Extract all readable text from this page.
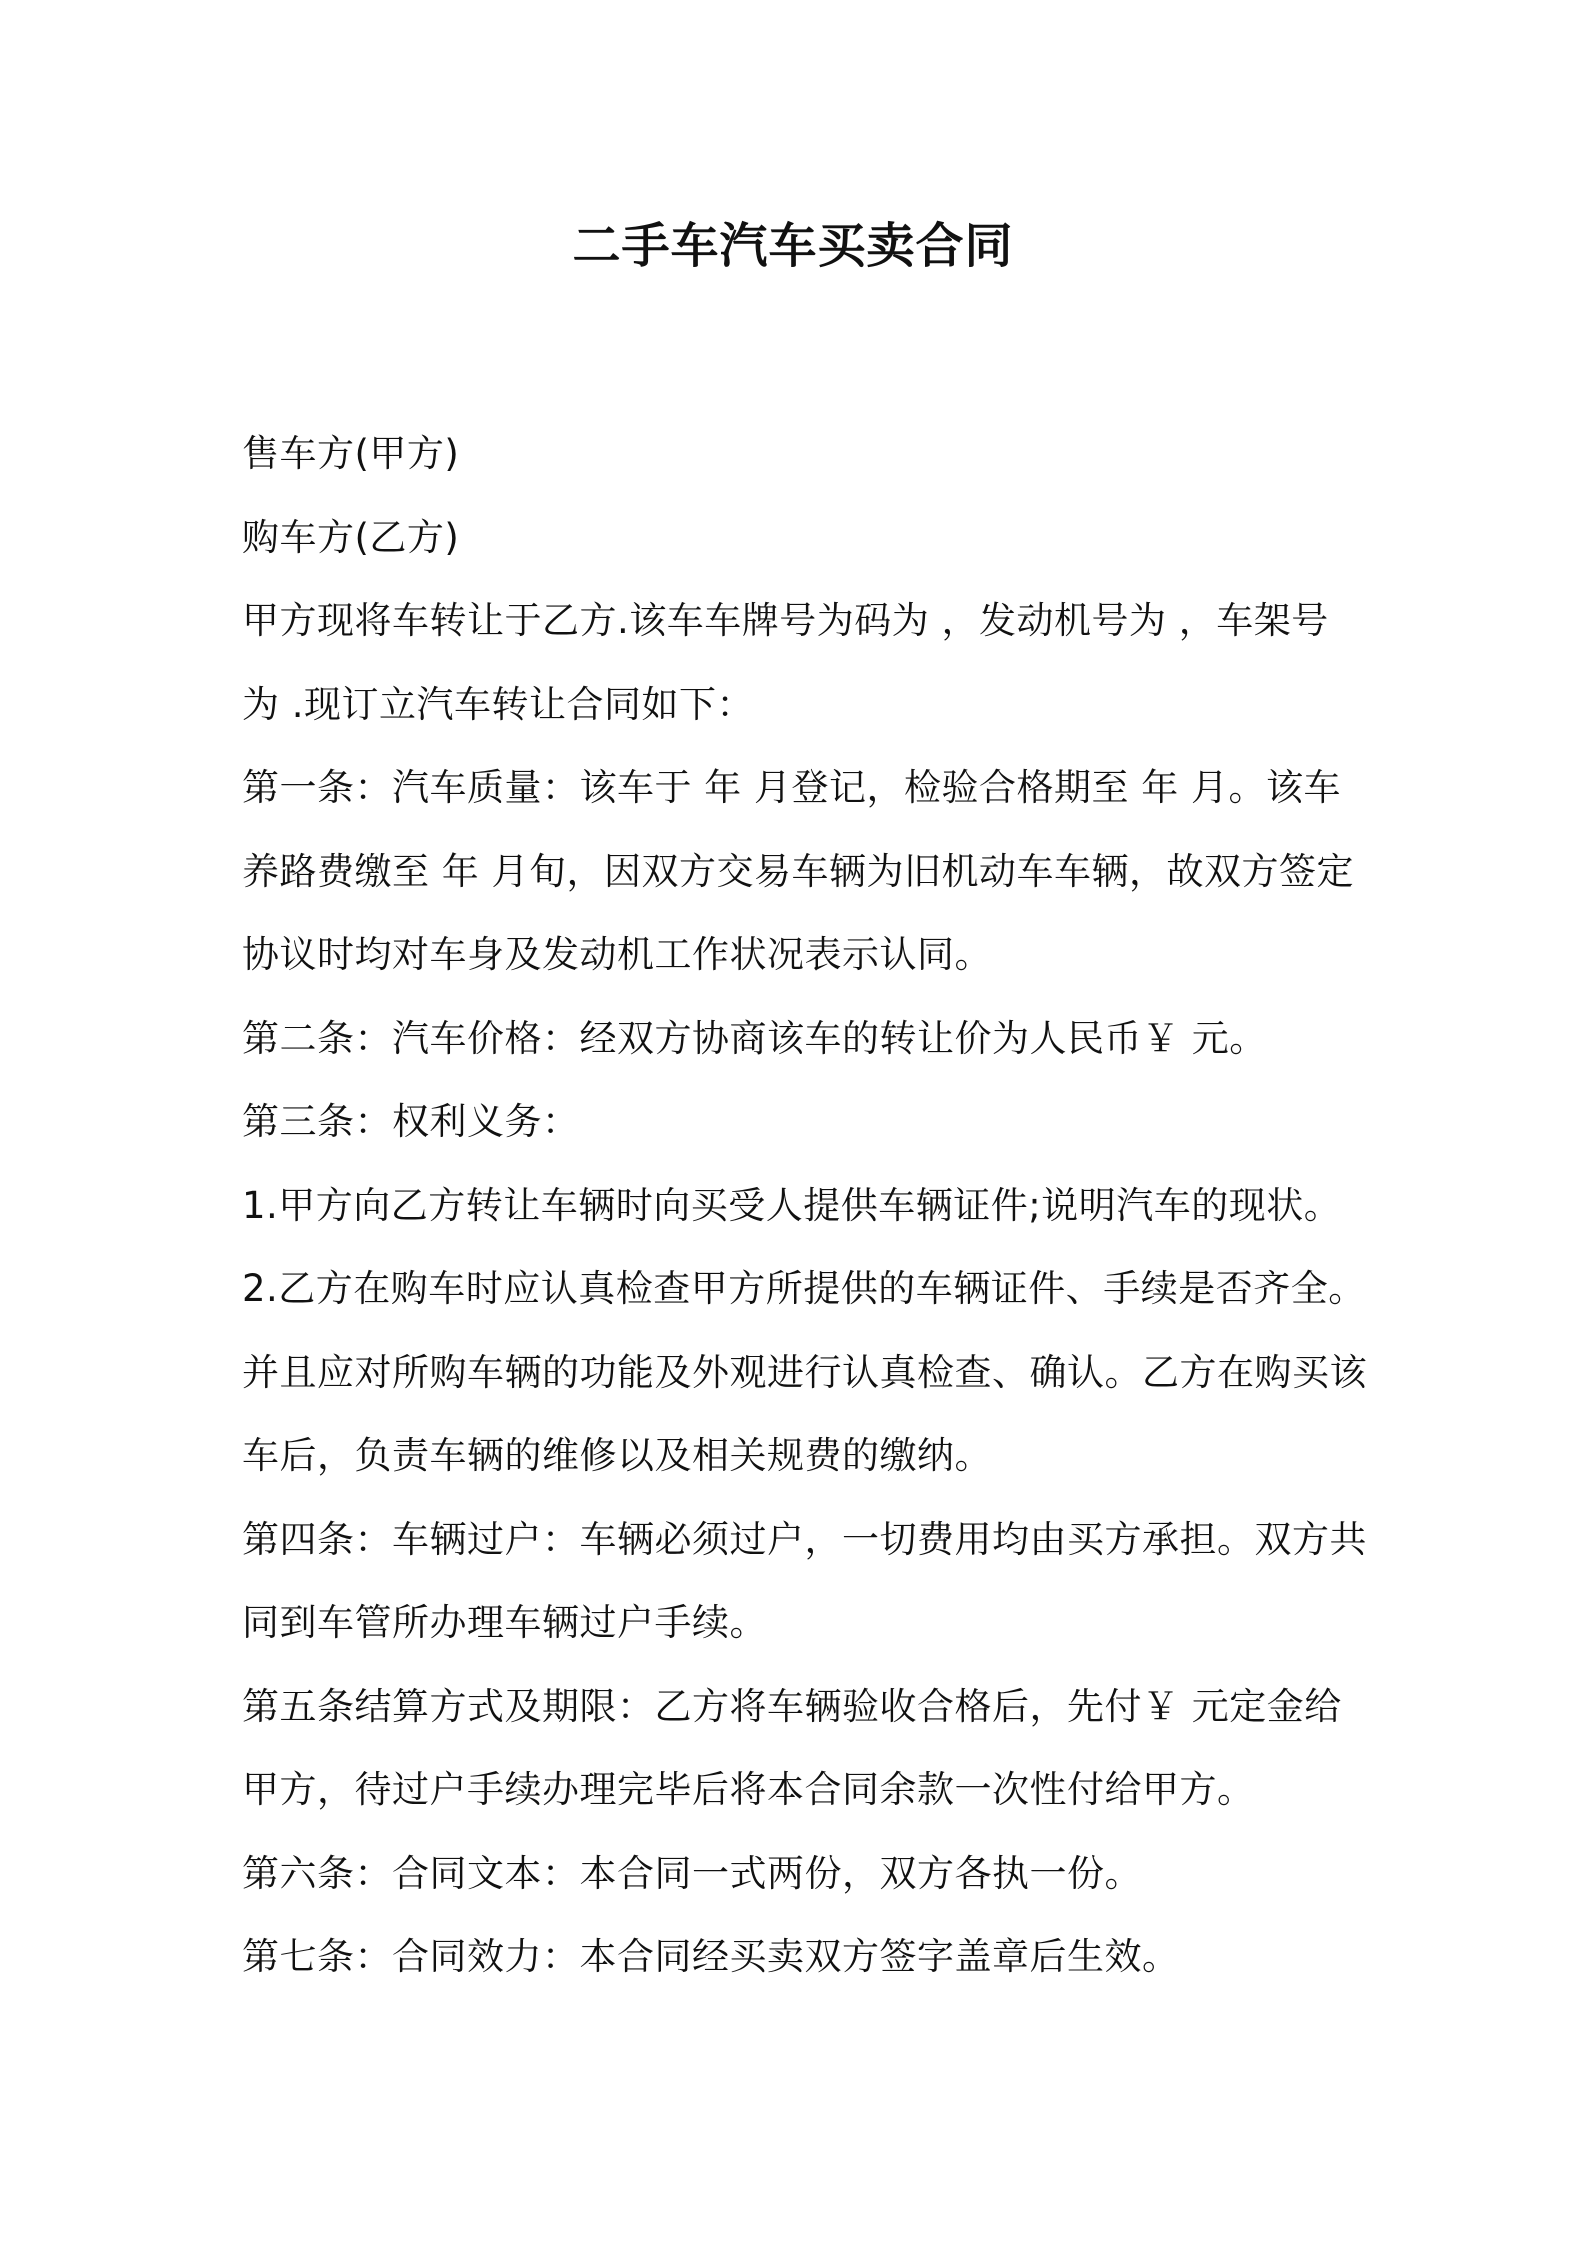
二手车汽车买卖合同
售车方(甲方)
购车方(乙方)
甲方现将车转让于乙方.该车车牌号为码为 ，发动机号为 ，车架号
为 .现订立汽车转让合同如下：
第一条：汽车质量：该车于 年 月登记，检验合格期至 年 月。该车
养路费缴至 年 月旬，因双方交易车辆为旧机动车车辆，故双方签定
协议时均对车身及发动机工作状况表示认同。
第二条：汽车价格：经双方协商该车的转让价为人民币￥ 元。
第三条：权利义务：
1.甲方向乙方转让车辆时向买受人提供车辆证件;说明汽车的现状。
2.乙方在购车时应认真检查甲方所提供的车辆证件、手续是否齐全。
并且应对所购车辆的功能及外观进行认真检查、确认。乙方在购买该
车后，负责车辆的维修以及相关规费的缴纳。
第四条：车辆过户：车辆必须过户，一切费用均由买方承担。双方共
同到车管所办理车辆过户手续。
第五条结算方式及期限：乙方将车辆验收合格后，先付￥ 元定金给
甲方，待过户手续办理完毕后将本合同余款一次性付给甲方。
第六条：合同文本：本合同一式两份，双方各执一份。
第七条：合同效力：本合同经买卖双方签字盖章后生效。
